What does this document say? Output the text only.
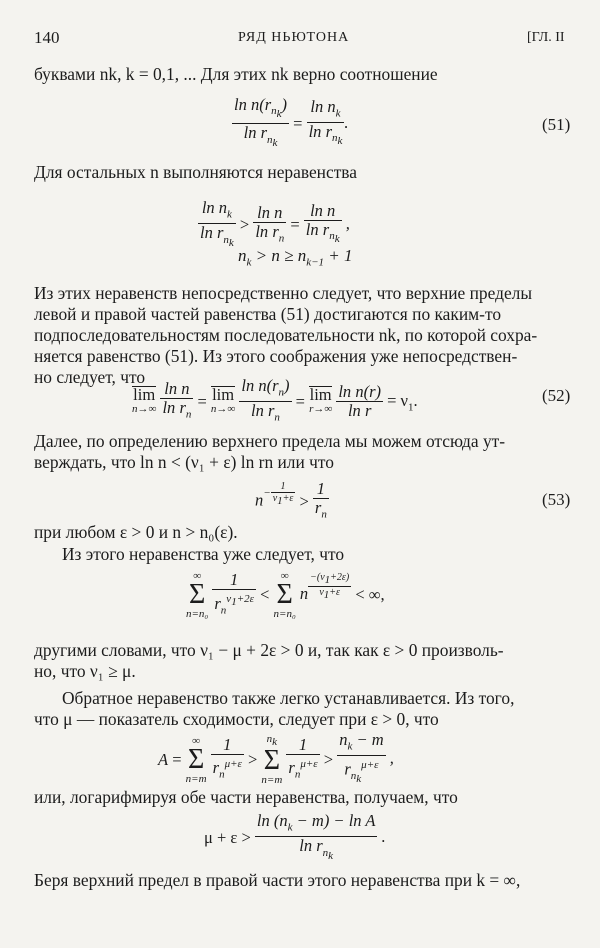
140	РЯД НЬЮТОНА	[ГЛ. II
буквами nk, k = 0,1, ... Для этих nk верно соотношение
$\frac{\ln n(r_{n_k})}{\ln r_{n_k}} = \frac{\ln n_k}{\ln r_{n_k}}$ .	(51)
Для остальных n выполняются неравенства
$\frac{\ln n_k}{\ln r_{n_k}} > \frac{\text{ln n}}{\ln r_n} = \frac{\text{ln n}}{\ln r_{n_k}}$ ,
$n_k > n \ge n_{k-1} + 1$
Из этих неравенств непосредственно следует, что верхние пределы
левой и правой частей равенства (51) достигаются по каким-то
подпоследовательностям последовательности nk, по которой сохра-
няется равенство (51). Из этого соображения уже непосредствен-
но следует, что
lim
n→∞
$\frac{\text{ln n}}{\ln r_n} = \lim$
n→∞
$\frac{\ln n(r_n)}{\ln r_n} = \lim$
r→∞
$\frac{\text{ln n(r)}}{\text{ln r}} = \nu_1$.	(52)
Далее, по определению верхнего предела мы можем отсюда ут-
верждать, что ln n < (ν₁ + ε) ln rn или что
$n^{- \frac{1}{\nu_1+\varepsilon}} > \frac{1}{r_n}$	(53)
при любом ε > 0 и n > n₀(ε).
Из этого неравенства уже следует, что
∞
Σ
n=n₀
$\frac{1}{r_n^{\nu_1+2\varepsilon}}$ <
∞
Σ
n=n₀
n $^{\frac{-(\nu_1+2\varepsilon)}{\nu_1+\varepsilon}}$ < ∞,
другими словами, что ν₁ − μ + 2ε > 0 и, так как ε > 0 произволь-
но, что ν₁ ≥ μ.
Обратное неравенство также легко устанавливается. Из того,
что μ — показатель сходимости, следует при ε > 0, что
A =
∞
Σ
n=m
$\frac{1}{r_n^{\mu+\varepsilon}}$ >
$n_k$
Σ
n=m
$\frac{1}{r_n^{\mu+\varepsilon}} > \frac{n_k - m}{r_{n_k}^{\mu+\varepsilon}}$ ,
или, логарифмируя обе части неравенства, получаем, что
$\mu + \varepsilon > \frac{\ln (n_k - m) - \ln A}{\ln r_{n_k}}$ .
Беря верхний предел в правой части этого неравенства при k = ∞,
